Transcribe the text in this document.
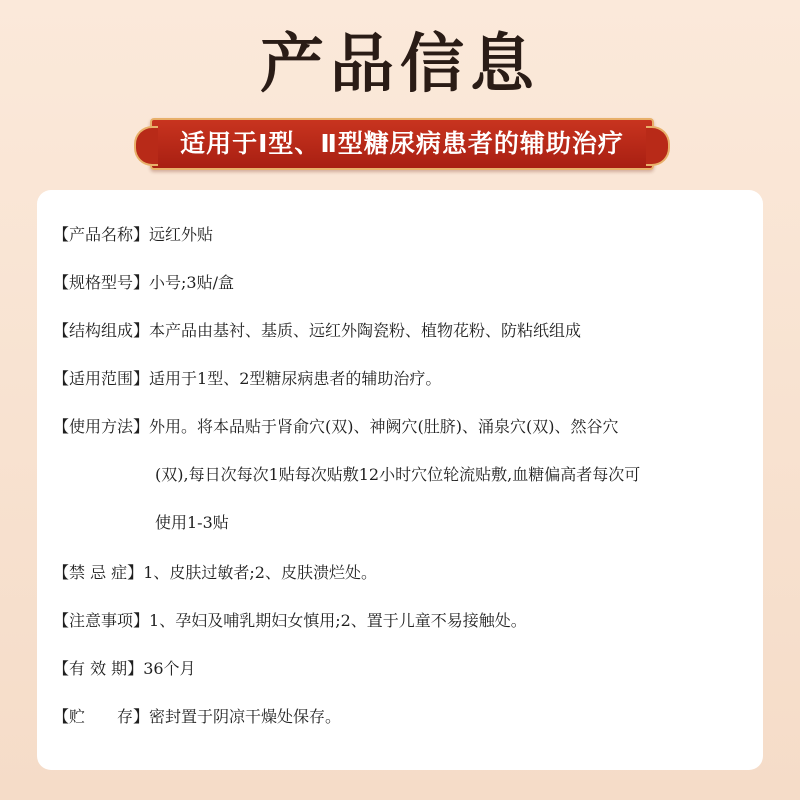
产品信息
适用于Ⅰ型、Ⅱ型糖尿病患者的辅助治疗
【产品名称】远红外贴
【规格型号】小号;3贴/盒
【结构组成】本产品由基衬、基质、远红外陶瓷粉、植物花粉、防粘纸组成
【适用范围】适用于1型、2型糖尿病患者的辅助治疗。
【使用方法】外用。将本品贴于肾俞穴(双)、神阙穴(肚脐)、涌泉穴(双)、然谷穴
(双),每日次每次1贴每次贴敷12小时穴位轮流贴敷,血糖偏高者每次可
使用1-3贴
【禁 忌 症】1、皮肤过敏者;2、皮肤溃烂处。
【注意事项】1、孕妇及哺乳期妇女慎用;2、置于儿童不易接触处。
【有 效 期】36个月
【贮　　存】密封置于阴凉干燥处保存。
